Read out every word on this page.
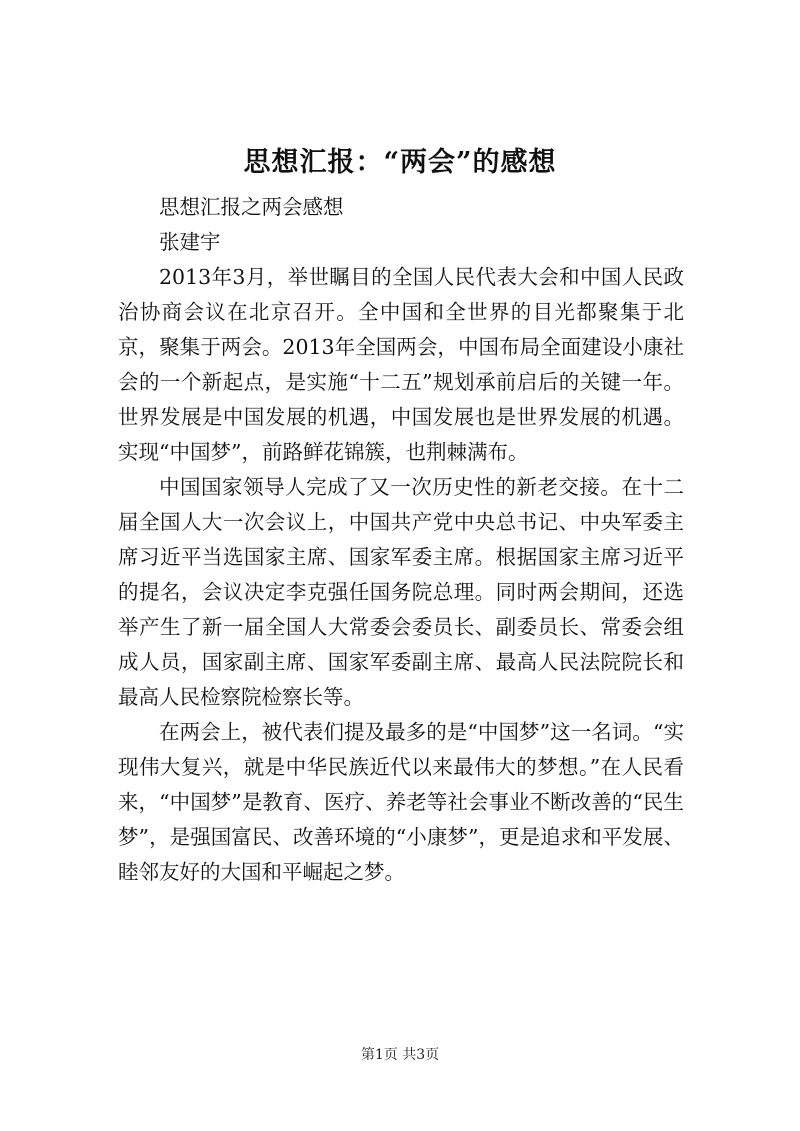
思想汇报：“两会”的感想

思想汇报之两会感想

张建宇

2013年3月，举世瞩目的全国人民代表大会和中国人民政治协商会议在北京召开。全中国和全世界的目光都聚集于北京，聚集于两会。2013年全国两会，中国布局全面建设小康社会的一个新起点，是实施“十二五”规划承前启后的关键一年。世界发展是中国发展的机遇，中国发展也是世界发展的机遇。实现“中国梦”，前路鲜花锦簇，也荆棘满布。

中国国家领导人完成了又一次历史性的新老交接。在十二届全国人大一次会议上，中国共产党中央总书记、中央军委主席习近平当选国家主席、国家军委主席。根据国家主席习近平的提名，会议决定李克强任国务院总理。同时两会期间，还选举产生了新一届全国人大常委会委员长、副委员长、常委会组成人员，国家副主席、国家军委副主席、最高人民法院院长和最高人民检察院检察长等。

在两会上，被代表们提及最多的是“中国梦”这一名词。“实现伟大复兴，就是中华民族近代以来最伟大的梦想。”在人民看来，“中国梦”是教育、医疗、养老等社会事业不断改善的“民生梦”，是强国富民、改善环境的“小康梦”，更是追求和平发展、睦邻友好的大国和平崛起之梦。

第1页 共3页
